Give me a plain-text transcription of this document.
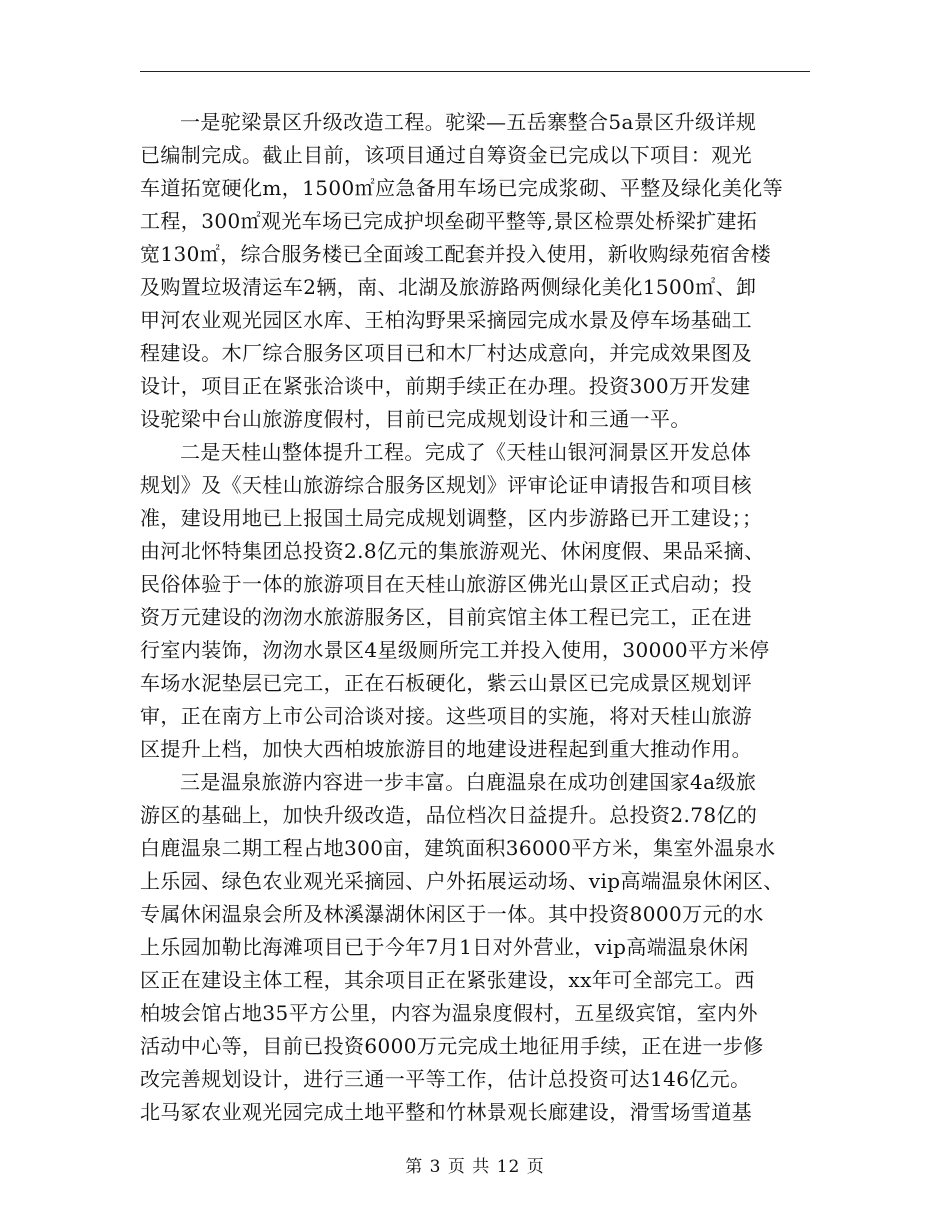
一是驼梁景区升级改造工程。驼梁—五岳寨整合5a景区升级详规
已编制完成。截止目前，该项目通过自筹资金已完成以下项目：观光
车道拓宽硬化m，1500㎡应急备用车场已完成浆砌、平整及绿化美化等
工程，300㎡观光车场已完成护坝垒砌平整等,景区检票处桥梁扩建拓
宽130㎡，综合服务楼已全面竣工配套并投入使用，新收购绿苑宿舍楼
及购置垃圾清运车2辆，南、北湖及旅游路两侧绿化美化1500㎡、卸
甲河农业观光园区水库、王柏沟野果采摘园完成水景及停车场基础工
程建设。木厂综合服务区项目已和木厂村达成意向，并完成效果图及
设计，项目正在紧张洽谈中，前期手续正在办理。投资300万开发建
设驼梁中台山旅游度假村，目前已完成规划设计和三通一平。
二是天桂山整体提升工程。完成了《天桂山银河洞景区开发总体
规划》及《天桂山旅游综合服务区规划》评审论证申请报告和项目核
准，建设用地已上报国土局完成规划调整，区内步游路已开工建设；；
由河北怀特集团总投资2.8亿元的集旅游观光、休闲度假、果品采摘、
民俗体验于一体的旅游项目在天桂山旅游区佛光山景区正式启动；投
资万元建设的沕沕水旅游服务区，目前宾馆主体工程已完工，正在进
行室内装饰，沕沕水景区4星级厕所完工并投入使用，30000平方米停
车场水泥垫层已完工，正在石板硬化，紫云山景区已完成景区规划评
审，正在南方上市公司洽谈对接。这些项目的实施，将对天桂山旅游
区提升上档，加快大西柏坡旅游目的地建设进程起到重大推动作用。
三是温泉旅游内容进一步丰富。白鹿温泉在成功创建国家4a级旅
游区的基础上，加快升级改造，品位档次日益提升。总投资2.78亿的
白鹿温泉二期工程占地300亩，建筑面积36000平方米，集室外温泉水
上乐园、绿色农业观光采摘园、户外拓展运动场、vip高端温泉休闲区、
专属休闲温泉会所及林溪瀑湖休闲区于一体。其中投资8000万元的水
上乐园加勒比海滩项目已于今年7月1日对外营业，vip高端温泉休闲
区正在建设主体工程，其余项目正在紧张建设，xx年可全部完工。西
柏坡会馆占地35平方公里，内容为温泉度假村，五星级宾馆，室内外
活动中心等，目前已投资6000万元完成土地征用手续，正在进一步修
改完善规划设计，进行三通一平等工作，估计总投资可达146亿元。
北马冢农业观光园完成土地平整和竹林景观长廊建设，滑雪场雪道基
第 3 页 共 12 页
